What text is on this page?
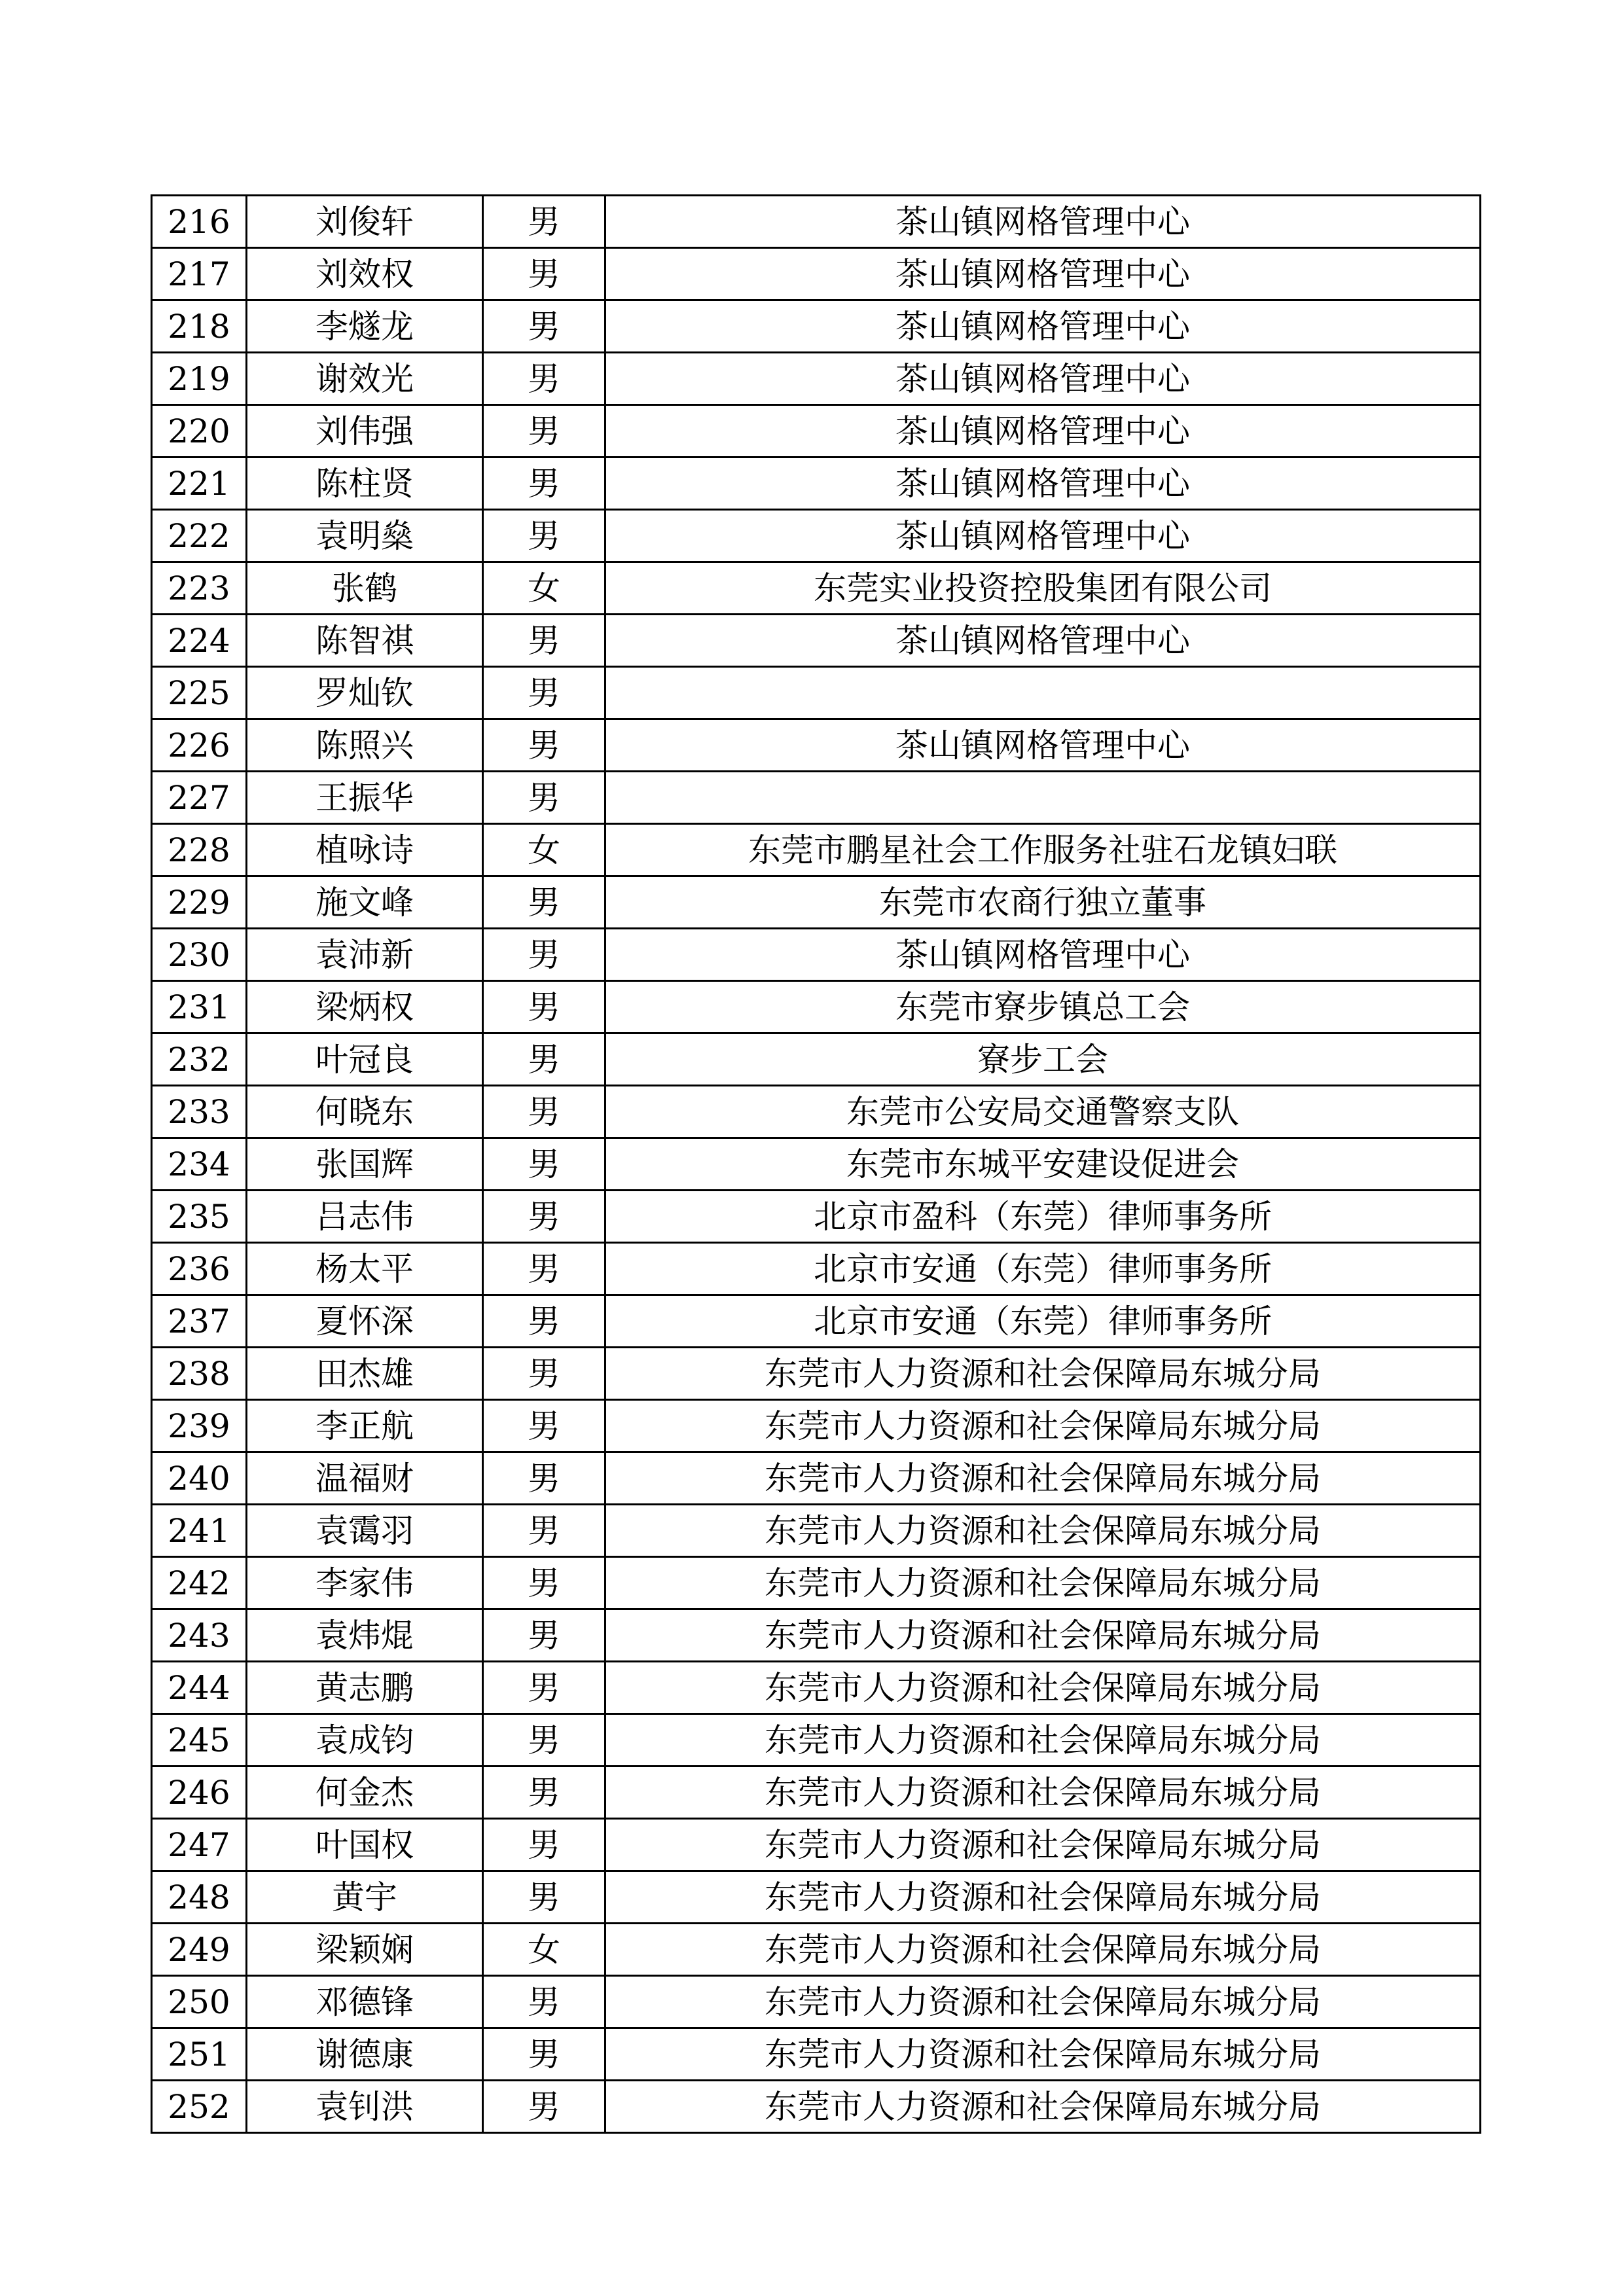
216	刘俊轩	男	茶山镇网格管理中心
217	刘效权	男	茶山镇网格管理中心
218	李燧龙	男	茶山镇网格管理中心
219	谢效光	男	茶山镇网格管理中心
220	刘伟强	男	茶山镇网格管理中心
221	陈柱贤	男	茶山镇网格管理中心
222	袁明燊	男	茶山镇网格管理中心
223	张鹤	女	东莞实业投资控股集团有限公司
224	陈智祺	男	茶山镇网格管理中心
225	罗灿钦	男	
226	陈照兴	男	茶山镇网格管理中心
227	王振华	男	
228	植咏诗	女	东莞市鹏星社会工作服务社驻石龙镇妇联
229	施文峰	男	东莞市农商行独立董事
230	袁沛新	男	茶山镇网格管理中心
231	梁炳权	男	东莞市寮步镇总工会
232	叶冠良	男	寮步工会
233	何晓东	男	东莞市公安局交通警察支队
234	张国辉	男	东莞市东城平安建设促进会
235	吕志伟	男	北京市盈科（东莞）律师事务所
236	杨太平	男	北京市安通（东莞）律师事务所
237	夏怀深	男	北京市安通（东莞）律师事务所
238	田杰雄	男	东莞市人力资源和社会保障局东城分局
239	李正航	男	东莞市人力资源和社会保障局东城分局
240	温福财	男	东莞市人力资源和社会保障局东城分局
241	袁霭羽	男	东莞市人力资源和社会保障局东城分局
242	李家伟	男	东莞市人力资源和社会保障局东城分局
243	袁炜焜	男	东莞市人力资源和社会保障局东城分局
244	黄志鹏	男	东莞市人力资源和社会保障局东城分局
245	袁成钧	男	东莞市人力资源和社会保障局东城分局
246	何金杰	男	东莞市人力资源和社会保障局东城分局
247	叶国权	男	东莞市人力资源和社会保障局东城分局
248	黄宇	男	东莞市人力资源和社会保障局东城分局
249	梁颖娴	女	东莞市人力资源和社会保障局东城分局
250	邓德锋	男	东莞市人力资源和社会保障局东城分局
251	谢德康	男	东莞市人力资源和社会保障局东城分局
252	袁钊洪	男	东莞市人力资源和社会保障局东城分局
